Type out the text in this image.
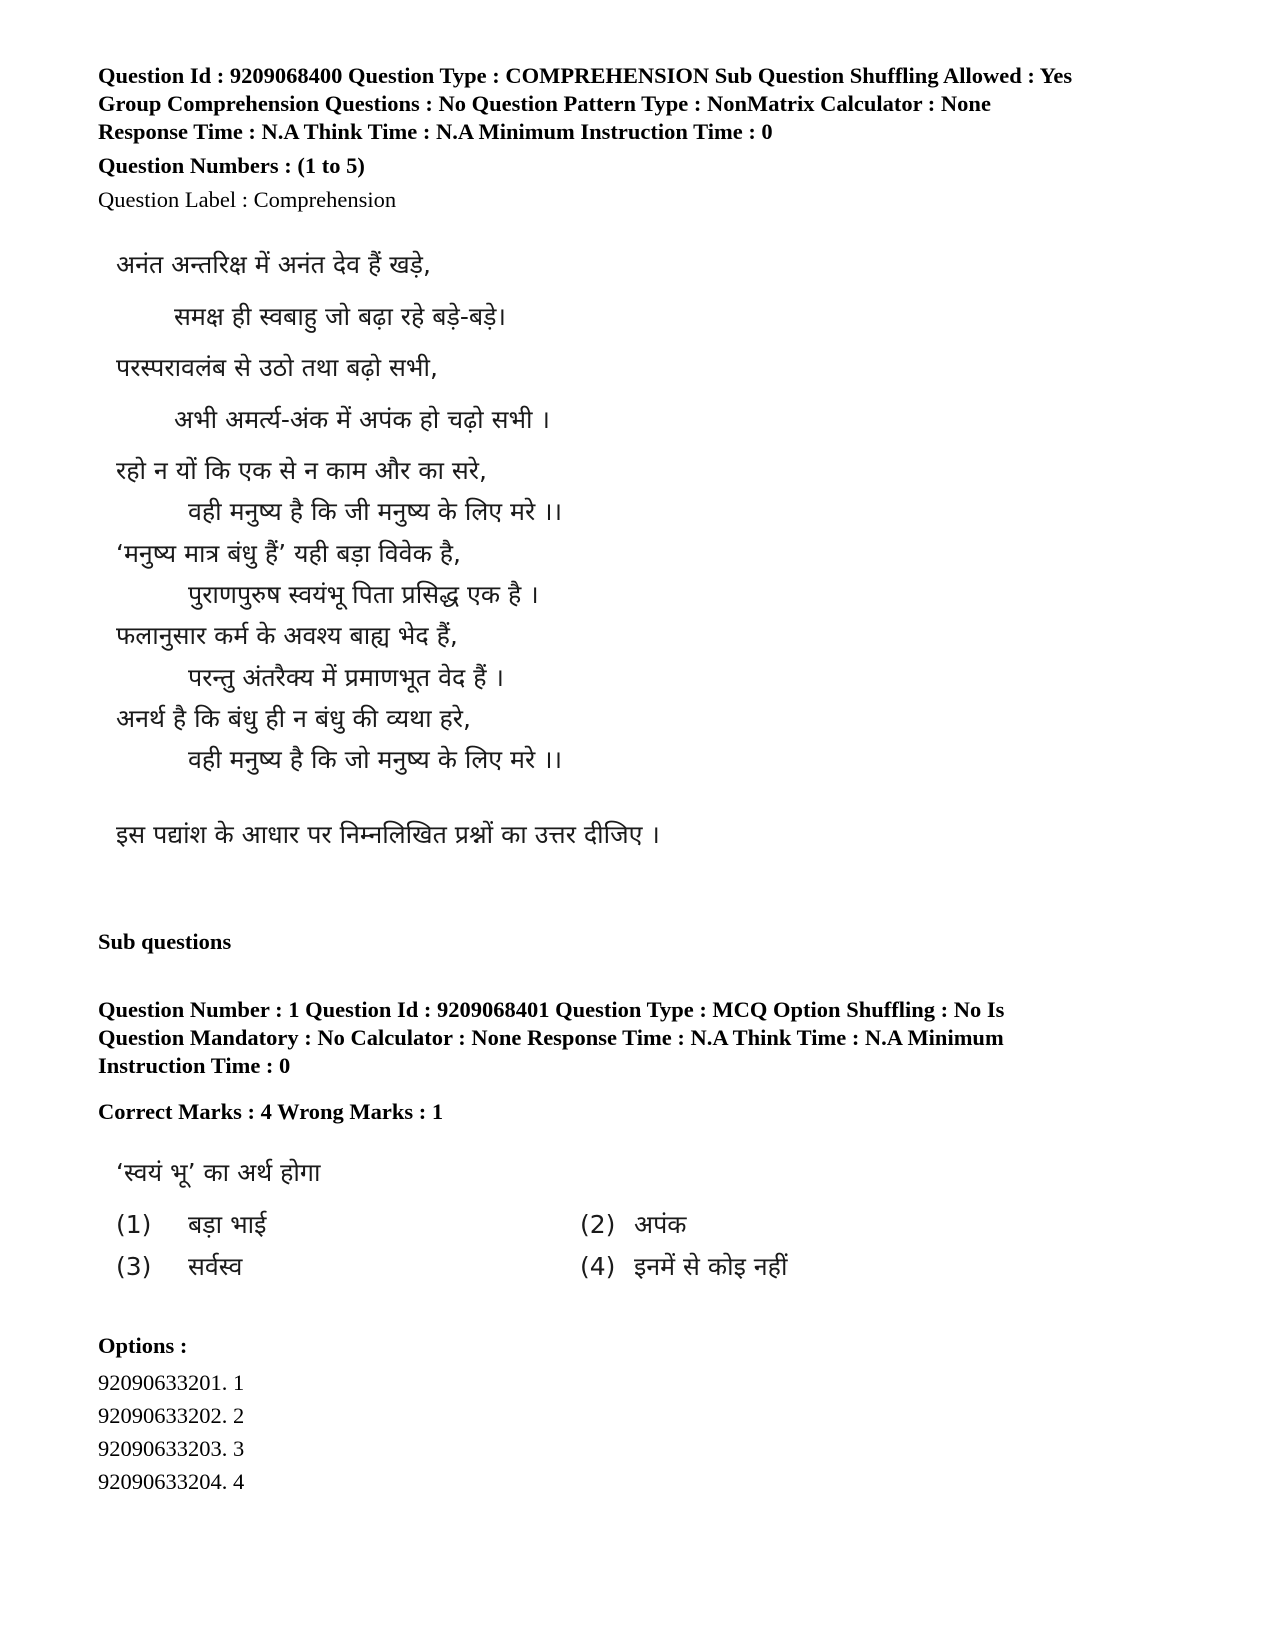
Question Id : 9209068400 Question Type : COMPREHENSION Sub Question Shuffling Allowed : Yes
Group Comprehension Questions : No Question Pattern Type : NonMatrix Calculator : None
Response Time : N.A Think Time : N.A Minimum Instruction Time : 0
Question Numbers : (1 to 5)
Question Label : Comprehension
अनंत अन्तरिक्ष में अनंत देव हैं खड़े,
समक्ष ही स्वबाहु जो बढ़ा रहे बड़े-बड़े।
परस्परावलंब से उठो तथा बढ़ो सभी,
अभी अमर्त्य-अंक में अपंक हो चढ़ो सभी ।
रहो न यों कि एक से न काम और का सरे,
वही मनुष्य है कि जी मनुष्य के लिए मरे ।।
‘मनुष्य मात्र बंधु हैं’ यही बड़ा विवेक है,
पुराणपुरुष स्वयंभू पिता प्रसिद्ध एक है ।
फलानुसार कर्म के अवश्य बाह्य भेद हैं,
परन्तु अंतरैक्य में प्रमाणभूत वेद हैं ।
अनर्थ है कि बंधु ही न बंधु की व्यथा हरे,
वही मनुष्य है कि जो मनुष्य के लिए मरे ।।
इस पद्यांश के आधार पर निम्नलिखित प्रश्नों का उत्तर दीजिए ।
Sub questions
Question Number : 1 Question Id : 9209068401 Question Type : MCQ Option Shuffling : No Is
Question Mandatory : No Calculator : None Response Time : N.A Think Time : N.A Minimum
Instruction Time : 0
Correct Marks : 4 Wrong Marks : 1
‘स्वयं भू’ का अर्थ होगा
(1) बड़ा भाई	(2) अपंक
(3) सर्वस्व	(4) इनमें से कोइ नहीं
Options :
92090633201. 1
92090633202. 2
92090633203. 3
92090633204. 4
